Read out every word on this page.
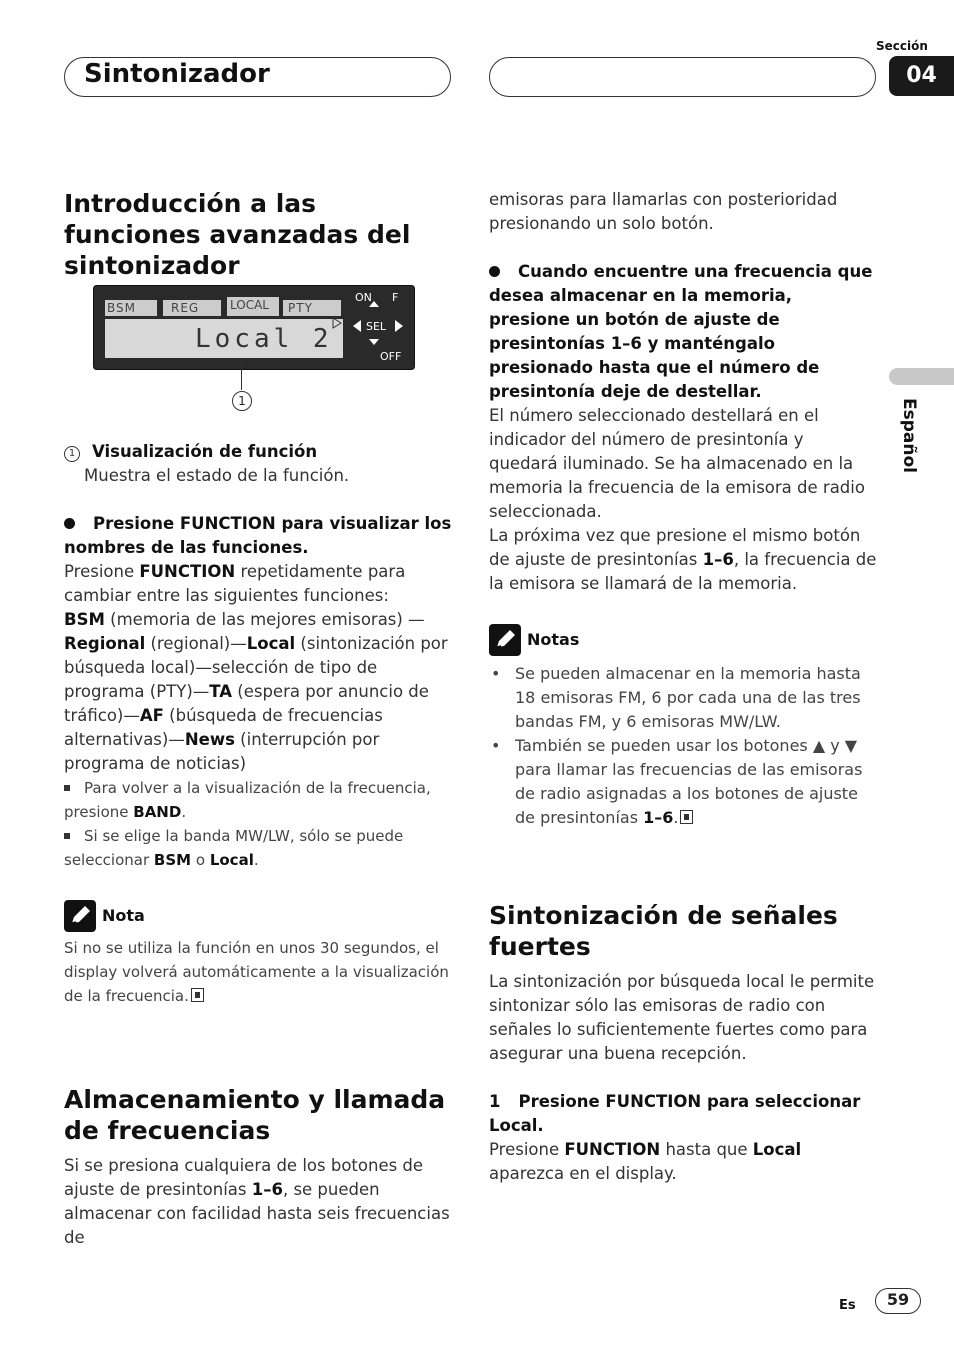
Sintonizador
Sección
04
Español
Introducción a las funciones avanzadas del sintonizador
BSM	REG	LOCAL PTY
ON F
SEL
OFF
Local 2
1

1 Visualización de función

Muestra el estado de la función.

Presione FUNCTION para visualizar los nombres de las funciones.

Presione FUNCTION repetidamente para cambiar entre las siguientes funciones:

BSM (memoria de las mejores emisoras) —Regional (regional)—Local (sintonización por búsqueda local)—selección de tipo de programa (PTY)—TA (espera por anuncio de tráfico)—AF (búsqueda de frecuencias alternativas)—News (interrupción por programa de noticias)

Para volver a la visualización de la frecuencia, presione BAND.

Si se elige la banda MW/LW, sólo se puede seleccionar BSM o Local.

Nota

Si no se utiliza la función en unos 30 segundos, el display volverá automáticamente a la visualización de la frecuencia.

Almacenamiento y llamada de frecuencias

Si se presiona cualquiera de los botones de ajuste de presintonías 1–6, se pueden almacenar con facilidad hasta seis frecuencias de

emisoras para llamarlas con posterioridad presionando un solo botón.

Cuando encuentre una frecuencia que desea almacenar en la memoria, presione un botón de ajuste de presintonías 1–6 y manténgalo presionado hasta que el número de presintonía deje de destellar.

El número seleccionado destellará en el indicador del número de presintonía y quedará iluminado. Se ha almacenado en la memoria la frecuencia de la emisora de radio seleccionada.

La próxima vez que presione el mismo botón de ajuste de presintonías 1–6, la frecuencia de la emisora se llamará de la memoria.

Notas
• Se pueden almacenar en la memoria hasta 18 emisoras FM, 6 por cada una de las tres bandas FM, y 6 emisoras MW/LW.
• También se pueden usar los botones ▲ y ▼ para llamar las frecuencias de las emisoras de radio asignadas a los botones de ajuste de presintonías 1–6.
Sintonización de señales fuertes

La sintonización por búsqueda local le permite sintonizar sólo las emisoras de radio con señales lo suficientemente fuertes como para asegurar una buena recepción.

1 Presione FUNCTION para seleccionar Local.

Presione FUNCTION hasta que Local aparezca en el display.

Es	59
